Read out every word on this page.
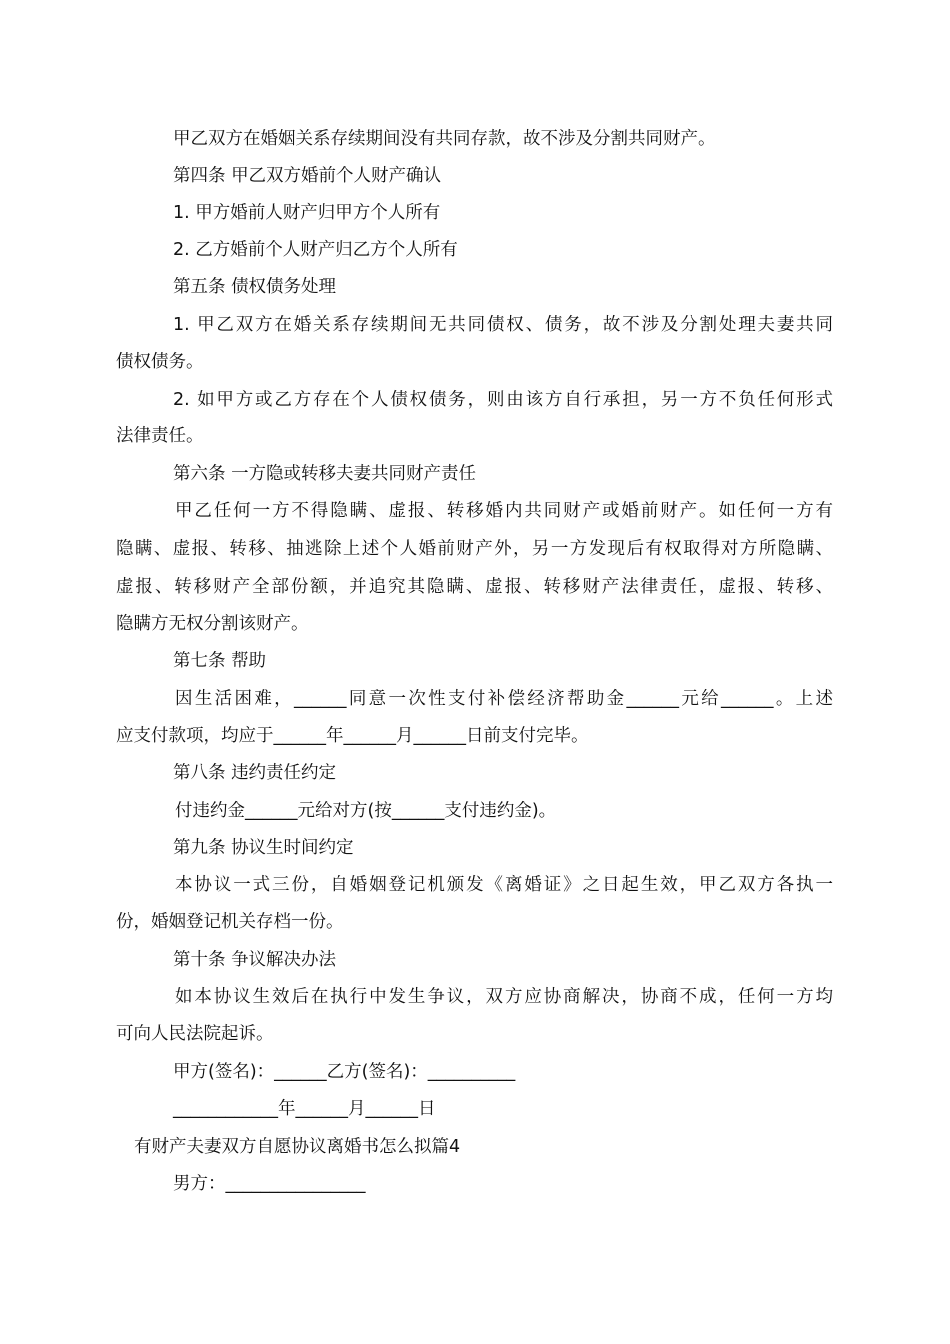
甲乙双方在婚姻关系存续期间没有共同存款，故不涉及分割共同财产。
第四条 甲乙双方婚前个人财产确认
1. 甲方婚前人财产归甲方个人所有
2. 乙方婚前个人财产归乙方个人所有
第五条 债权债务处理
1. 甲乙双方在婚关系存续期间无共同债权、债务，故不涉及分割处理夫妻共同
债权债务。
2. 如甲方或乙方存在个人债权债务，则由该方自行承担，另一方不负任何形式
法律责任。
第六条 一方隐或转移夫妻共同财产责任
甲乙任何一方不得隐瞒、虚报、转移婚内共同财产或婚前财产。如任何一方有
隐瞒、虚报、转移、抽逃除上述个人婚前财产外，另一方发现后有权取得对方所隐瞒、
虚报、转移财产全部份额，并追究其隐瞒、虚报、转移财产法律责任，虚报、转移、
隐瞒方无权分割该财产。
第七条 帮助
因生活困难，______同意一次性支付补偿经济帮助金______元给______。上述
应支付款项，均应于______年______月______日前支付完毕。
第八条 违约责任约定
付违约金______元给对方(按______支付违约金)。
第九条 协议生时间约定
本协议一式三份，自婚姻登记机颁发《离婚证》之日起生效，甲乙双方各执一
份，婚姻登记机关存档一份。
第十条 争议解决办法
如本协议生效后在执行中发生争议，双方应协商解决，协商不成，任何一方均
可向人民法院起诉。
甲方(签名)：______乙方(签名)：__________
____________年______月______日
有财产夫妻双方自愿协议离婚书怎么拟篇4
男方：________________
